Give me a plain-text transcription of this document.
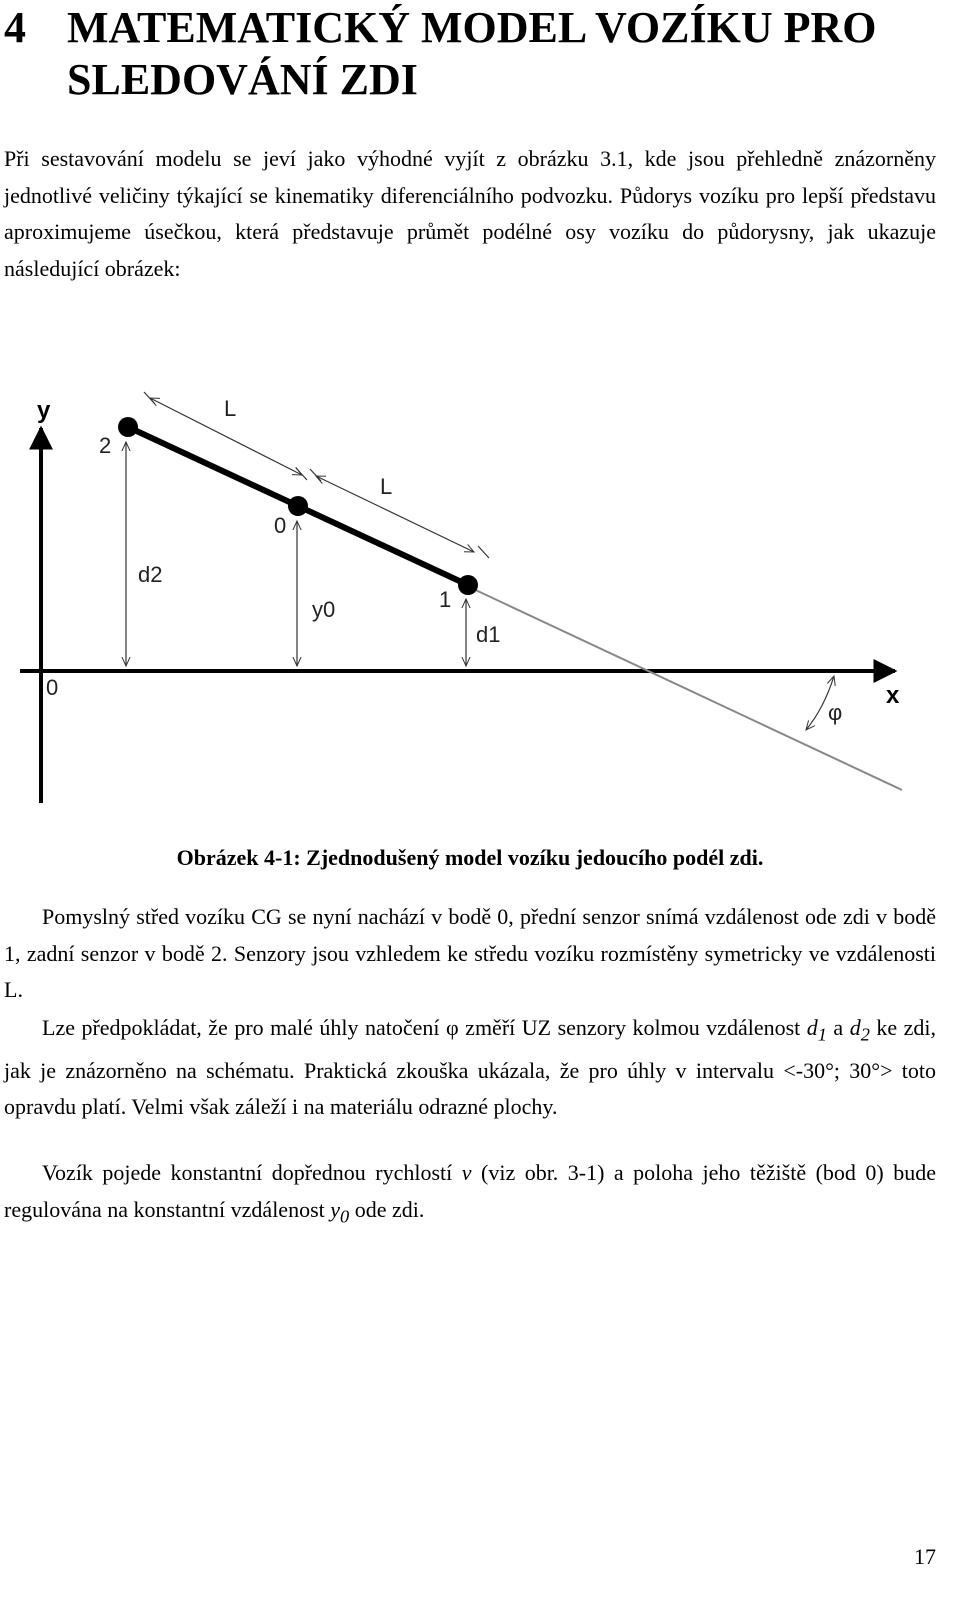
4 MATEMATICKÝ MODEL VOZÍKU PRO SLEDOVÁNÍ ZDI

Při sestavování modelu se jeví jako výhodné vyjít z obrázku 3.1, kde jsou přehledně znázorněny jednotlivé veličiny týkající se kinematiky diferenciálního podvozku. Půdorys vozíku pro lepší představu aproximujeme úsečkou, která představuje průmět podélné osy vozíku do půdorysny, jak ukazuje následující obrázek:

y
x
0
2
0
1
L
L
d2
y0
d1
φ

Obrázek 4-1: Zjednodušený model vozíku jedoucího podél zdi.

Pomyslný střed vozíku CG se nyní nachází v bodě 0, přední senzor snímá vzdálenost ode zdi v bodě 1, zadní senzor v bodě 2. Senzory jsou vzhledem ke středu vozíku rozmístěny symetricky ve vzdálenosti L.

Lze předpokládat, že pro malé úhly natočení φ změří UZ senzory kolmou vzdálenost $d_1$ a $d_2$ ke zdi, jak je znázorněno na schématu. Praktická zkouška ukázala, že pro úhly v intervalu <-30°; 30°> toto opravdu platí. Velmi však záleží i na materiálu odrazné plochy.

Vozík pojede konstantní dopřednou rychlostí v (viz obr. 3-1) a poloha jeho těžiště (bod 0) bude regulována na konstantní vzdálenost $y_0$ ode zdi.

17
